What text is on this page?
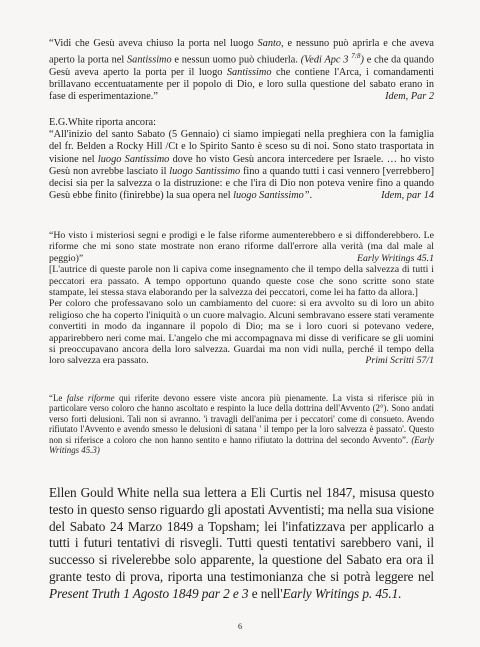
“Vidi che Gesù aveva chiuso la porta nel luogo Santo, e nessuno può aprirla e che aveva aperto la porta nel Santissimo e nessun uomo può chiuderla. (Vedi Apc 3 $^{7:8}$) e che da quando Gesù aveva aperto la porta per il luogo Santissimo che contiene l'Arca, i comandamenti brillavano eccentuatamente per il popolo di Dio, e loro sulla questione del sabato erano in fase di esperimentazione.”	Idem, Par 2

E.G.White riporta ancora:

“All'inizio del santo Sabato (5 Gennaio) ci siamo impiegati nella preghiera con la famiglia del fr. Belden a Rocky Hill /Ct e lo Spirito Santo è sceso su di noi. Sono stato trasportata in visione nel luogo Santissimo dove ho visto Gesù ancora intercedere per Israele. … ho visto Gesù non avrebbe lasciato il luogo Santissimo fino a quando tutti i casi vennero [verrebbero] decisi sia per la salvezza o la distruzione: e che l'ira di Dio non poteva venire fino a quando Gesù ebbe finito (finirebbe) la sua opera nel luogo Santissimo”.	Idem, par 14

“Ho visto i misteriosi segni e prodigi e le false riforme aumenterebbero e si diffonderebbero. Le riforme che mi sono state mostrate non erano riforme dall'errore alla verità (ma dal male al peggio)”	Early Writings 45.1

[L'autrice di queste parole non li capiva come insegnamento che il tempo della salvezza di tutti i peccatori era passato. A tempo opportuno quando queste cose che sono scritte sono state stampate, lei stessa stava elaborando per la salvezza dei peccatori, come lei ha fatto da allora.]

Per coloro che professavano solo un cambiamento del cuore: si era avvolto su di loro un abito religioso che ha coperto l'iniquità o un cuore malvagio. Alcuni sembravano essere stati veramente convertiti in modo da ingannare il popolo di Dio; ma se i loro cuori si potevano vedere, apparirebbero neri come mai. L'angelo che mi accompagnava mi disse di verificare se gli uomini si preoccupavano ancora della loro salvezza. Guardai ma non vidi nulla, perché il tempo della loro salvezza era passato.	Primi Scritti 57/1

“Le false riforme qui riferite devono essere viste ancora più pienamente. La vista si riferisce più in particolare verso coloro che hanno ascoltato e respinto la luce della dottrina dell'Avvento (2°). Sono andati verso forti delusioni. Tali non si avranno. 'i travagli dell'anima per i peccatori' come di consueto. Avendo rifiutato l'Avvento e avendo smesso le delusioni di satana ' il tempo per la loro salvezza è passato'. Questo non si riferisce a coloro che non hanno sentito e hanno rifiutato la dottrina del secondo Avvento”. (Early Writings 45.3)

Ellen Gould White nella sua lettera a Eli Curtis nel 1847, misusa questo testo in questo senso riguardo gli apostati Avventisti; ma nella sua visione del Sabato 24 Marzo 1849 a Topsham; lei l'infatizzava per applicarlo a tutti i futuri tentativi di risvegli. Tutti questi tentativi sarebbero vani, il successo si rivelerebbe solo apparente, la questione del Sabato era ora il grante testo di prova, riporta una testimonianza che si potrà leggere nel Present Truth 1 Agosto 1849 par 2 e 3 e nell'Early Writings p. 45.1.

6
